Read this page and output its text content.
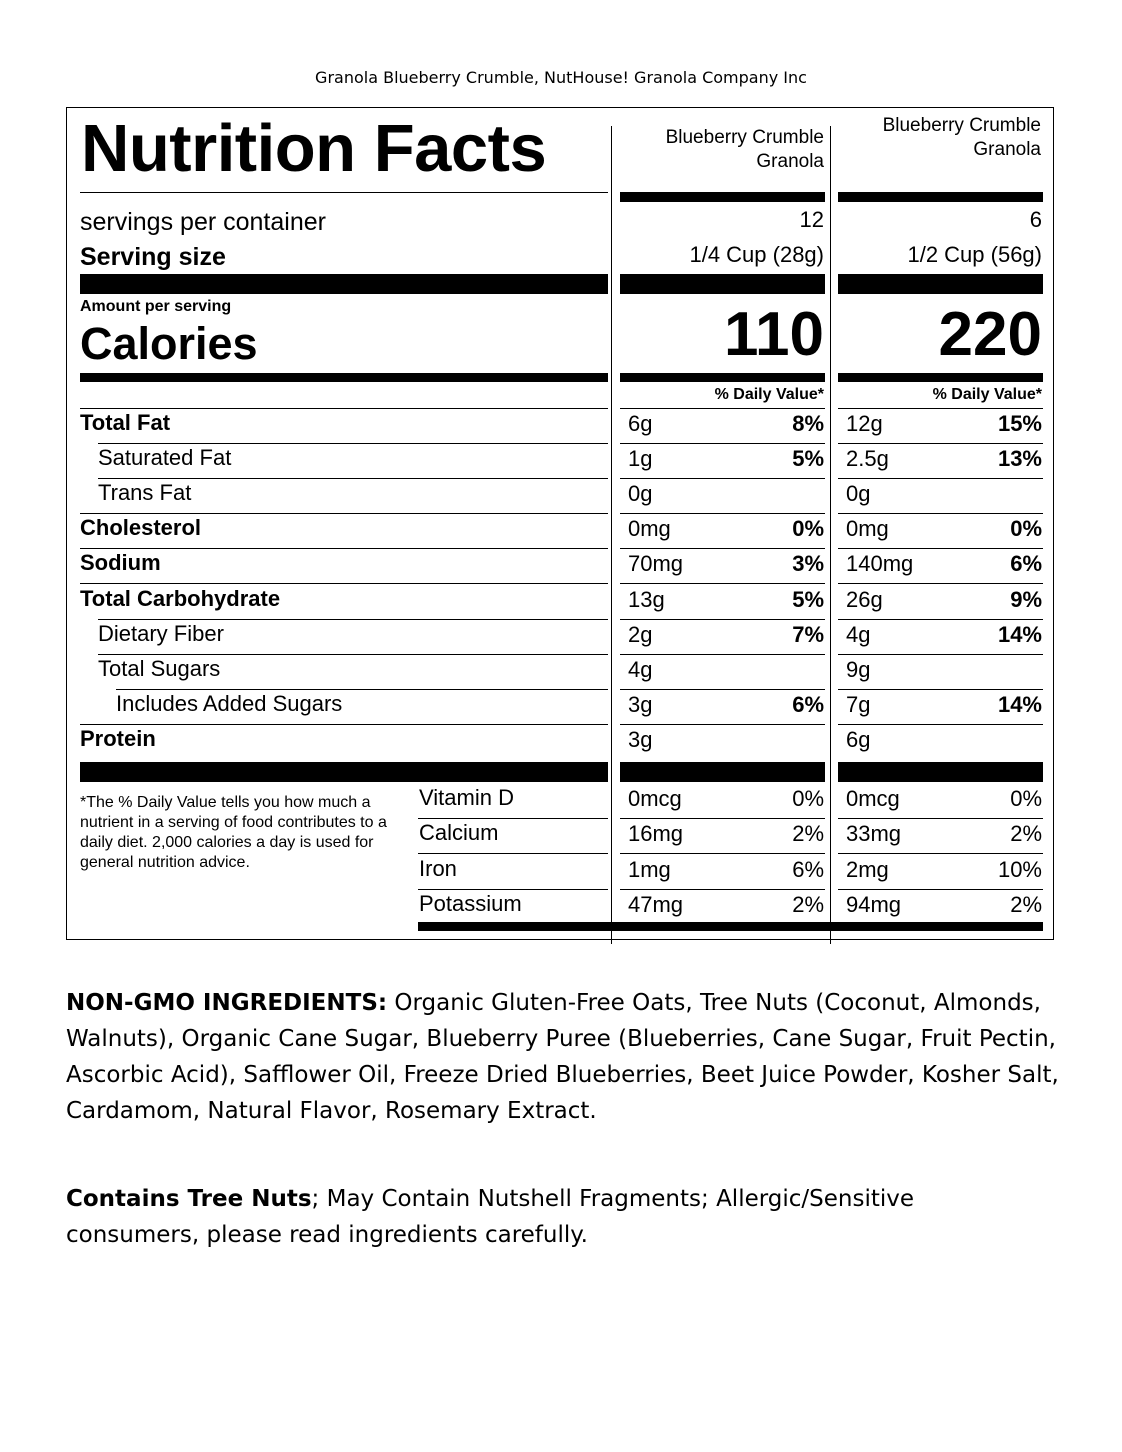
Granola Blueberry Crumble, NutHouse! Granola Company Inc
Nutrition Facts	Blueberry Crumble Granola
Blueberry Crumble Granola
servings per container
Serving size
12	6
1/4 Cup (28g)	1/2 Cup (56g)
Amount per serving
Calories	110	220
% Daily Value*	% Daily Value*
Total Fat	6g	8% 12g	15%
Saturated Fat	1g	5% 2.5g	13%
Trans Fat	0g	0g
Cholesterol	0mg	0% 0mg	0%
Sodium	70mg	3% 140mg	6%
Total Carbohydrate	13g	5% 26g	9%
Dietary Fiber	2g	7% 4g	14%
Total Sugars	4g	9g
Includes Added Sugars	3g	6% 7g	14%
Protein	3g	6g
Vitamin D	0mcg	0% 0mcg	0%
Calcium	16mg	2% 33mg	2%
Iron	1mg	6% 2mg	10%
Potassium	47mg	2% 94mg	2%
*The % Daily Value tells you how much a nutrient in a serving of food contributes to a daily diet. 2,000 calories a day is used for general nutrition advice.
NON-GMO INGREDIENTS: Organic Gluten-Free Oats, Tree Nuts (Coconut, Almonds, Walnuts), Organic Cane Sugar, Blueberry Puree (Blueberries, Cane Sugar, Fruit Pectin, Ascorbic Acid), Safflower Oil, Freeze Dried Blueberries, Beet Juice Powder, Kosher Salt, Cardamom, Natural Flavor, Rosemary Extract.
Contains Tree Nuts; May Contain Nutshell Fragments; Allergic/Sensitive consumers, please read ingredients carefully.
